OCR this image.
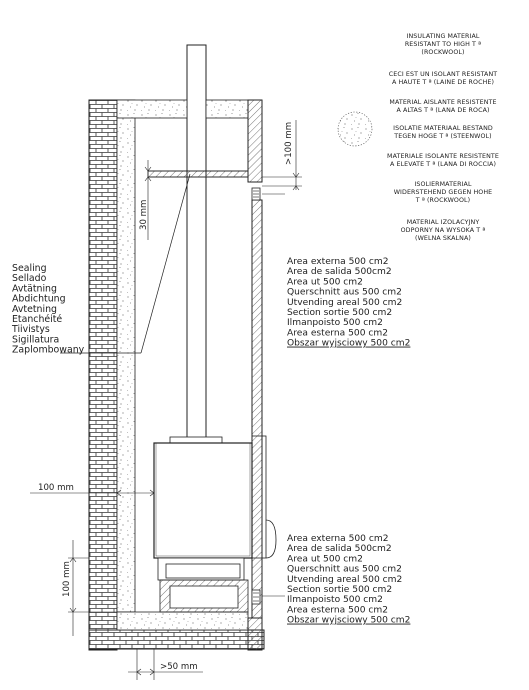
>100 mm
30 mm
100 mm
100 mm
>50 mm
INSULATING MATERIAL
RESISTANT TO HIGH T ª
(ROCKWOOL)
CECI EST UN ISOLANT RESISTANT
A HAUTE T ª (LAINE DE ROCHE)
MATERIAL AISLANTE RESISTENTE
A ALTAS T ª (LANA DE ROCA)
ISOLATIE MATERIAAL BESTAND
TEGEN HOGE T ª (STEENWOL)
MATERIALE ISOLANTE RESISTENTE
A ELEVATE T ª (LANA DI ROCCIA)
ISOLIERMATERIAL
WIDERSTEHEND GEGEN HOHE
T ª (ROCKWOOL)
MATERIAL IZOLACYJNY
ODPORNY NA WYSOKA T ª
(WELNA SKALNA)
Sealing
Sellado
Avtätning
Abdichtung
Avtetning
Etanchéité
Tiivistys
Sigillatura
Zaplombowany
Area externa 500 cm2
Area de salida 500cm2
Area ut 500 cm2
Querschnitt aus 500 cm2
Utvending areal 500 cm2
Section sortie 500 cm2
Ilmanpoisto 500 cm2
Area esterna 500 cm2
Obszar wyjsciowy 500 cm2
Area externa 500 cm2
Area de salida 500cm2
Area ut 500 cm2
Querschnitt aus 500 cm2
Utvending areal 500 cm2
Section sortie 500 cm2
Ilmanpoisto 500 cm2
Area esterna 500 cm2
Obszar wyjsciowy 500 cm2
